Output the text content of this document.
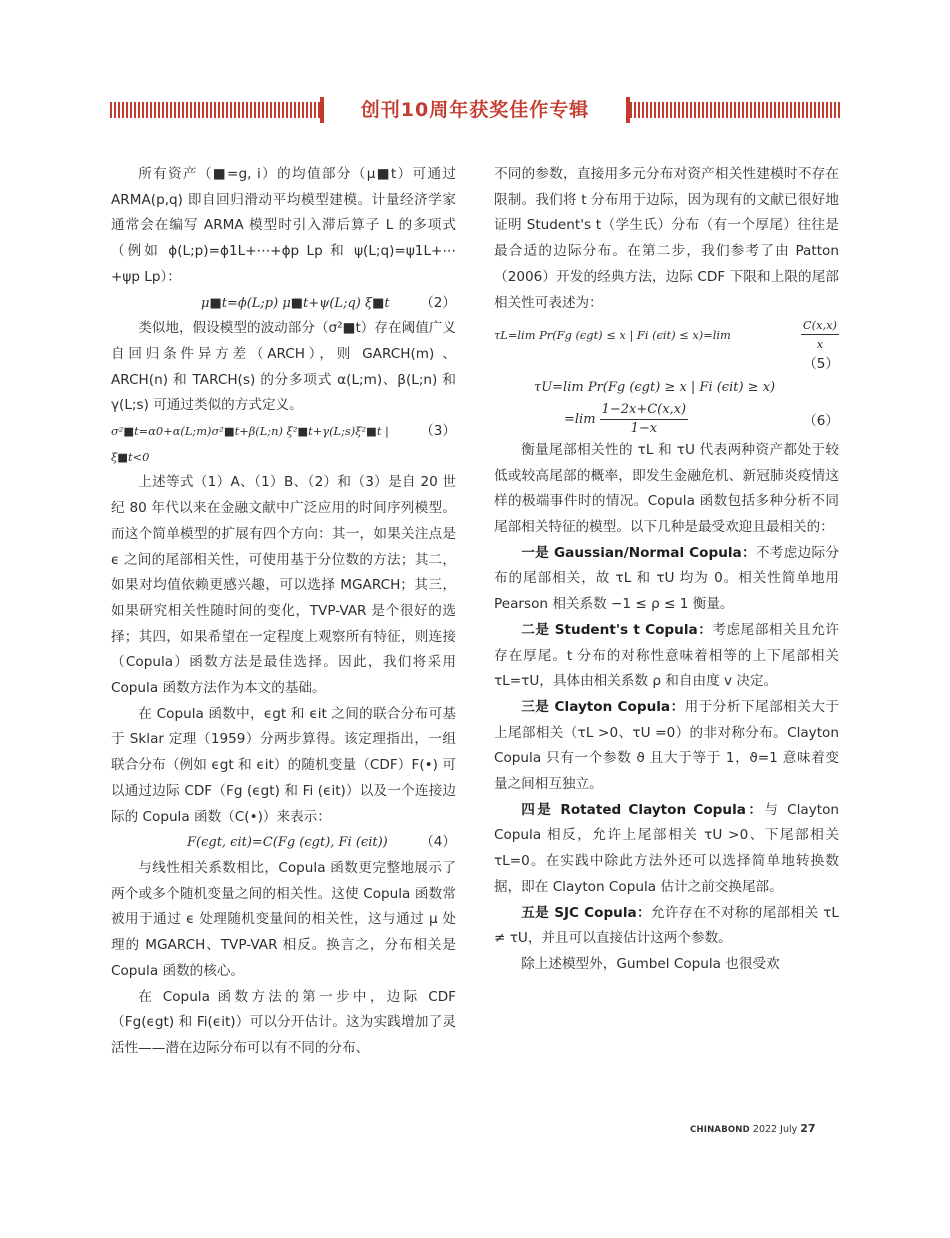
创刊10周年获奖佳作专辑

所有资产（■=g, i）的均值部分（μ■t）可通过 ARMA(p,q) 即自回归滑动平均模型建模。计量经济学家通常会在编写 ARMA 模型时引入滞后算子 L 的多项式（例如 ϕ(L;p)=ϕ1L+⋯+ϕp Lp 和 ψ(L;q)=ψ1L+⋯+ψp Lp）：

μ■t=ϕ(L;p) μ■t+ψ(L;q) ξ■t （2）

类似地，假设模型的波动部分（σ²■t）存在阈值广义自回归条件异方差（ARCH），则 GARCH(m) 、ARCH(n) 和 TARCH(s) 的分多项式 α(L;m)、β(L;n) 和 γ(L;s) 可通过类似的方式定义。

σ²■t=α0+α(L;m)σ²■t+β(L;n) ξ²■t+γ(L;s)ξ²■t | ξ■t<0
（3）

上述等式（1）A、（1）B、（2）和（3）是自 20 世纪 80 年代以来在金融文献中广泛应用的时间序列模型。而这个简单模型的扩展有四个方向：其一，如果关注点是 ϵ 之间的尾部相关性，可使用基于分位数的方法；其二，如果对均值依赖更感兴趣，可以选择 MGARCH；其三，如果研究相关性随时间的变化，TVP-VAR 是个很好的选择；其四，如果希望在一定程度上观察所有特征，则连接（Copula）函数方法是最佳选择。因此，我们将采用 Copula 函数方法作为本文的基础。

在 Copula 函数中，ϵgt 和 ϵit 之间的联合分布可基于 Sklar 定理（1959）分两步算得。该定理指出，一组联合分布（例如 ϵgt 和 ϵit）的随机变量（CDF）F(•) 可以通过边际 CDF（Fg (ϵgt) 和 Fi (ϵit)）以及一个连接边际的 Copula 函数（C(•)）来表示：

F(ϵgt, ϵit)=C(Fg (ϵgt), Fi (ϵit)) （4）

与线性相关系数相比，Copula 函数更完整地展示了两个或多个随机变量之间的相关性。这使 Copula 函数常被用于通过 ϵ 处理随机变量间的相关性，这与通过 μ 处理的 MGARCH、TVP-VAR 相反。换言之，分布相关是 Copula 函数的核心。

在 Copula 函数方法的第一步中，边际 CDF（Fg(ϵgt) 和 Fi(ϵit)）可以分开估计。这为实践增加了灵活性——潜在边际分布可以有不同的分布、

不同的参数，直接用多元分布对资产相关性建模时不存在限制。我们将 t 分布用于边际，因为现有的文献已很好地证明 Student's t（学生氏）分布（有一个厚尾）往往是最合适的边际分布。在第二步，我们参考了由 Patton（2006）开发的经典方法，边际 CDF 下限和上限的尾部相关性可表述为：

τL=lim Pr(Fg (ϵgt) ≤ x | Fi (ϵit) ≤ x)=lim	$\frac{C(x,x)}{x}$
（5）
τU=lim Pr(Fg (ϵgt) ≥ x | Fi (ϵit) ≥ x)
$=\lim \frac{1-2x+C(x,x)}{1-x}$	（6）

衡量尾部相关性的 τL 和 τU 代表两种资产都处于较低或较高尾部的概率，即发生金融危机、新冠肺炎疫情这样的极端事件时的情况。Copula 函数包括多种分析不同尾部相关特征的模型。以下几种是最受欢迎且最相关的：

一是 Gaussian/Normal Copula：不考虑边际分布的尾部相关，故 τL 和 τU 均为 0。相关性简单地用 Pearson 相关系数 −1 ≤ ρ ≤ 1 衡量。

二是 Student's t Copula：考虑尾部相关且允许存在厚尾。t 分布的对称性意味着相等的上下尾部相关 τL=τU，具体由相关系数 ρ 和自由度 v 决定。

三是 Clayton Copula：用于分析下尾部相关大于上尾部相关（τL >0、τU =0）的非对称分布。Clayton Copula 只有一个参数 ϑ 且大于等于 1，ϑ=1 意味着变量之间相互独立。

四是 Rotated Clayton Copula：与 Clayton Copula 相反，允许上尾部相关 τU >0、下尾部相关 τL=0。在实践中除此方法外还可以选择简单地转换数据，即在 Clayton Copula 估计之前交换尾部。

五是 SJC Copula：允许存在不对称的尾部相关 τL ≠ τU，并且可以直接估计这两个参数。

除上述模型外，Gumbel Copula 也很受欢

CHINABOND 2022 July 27
